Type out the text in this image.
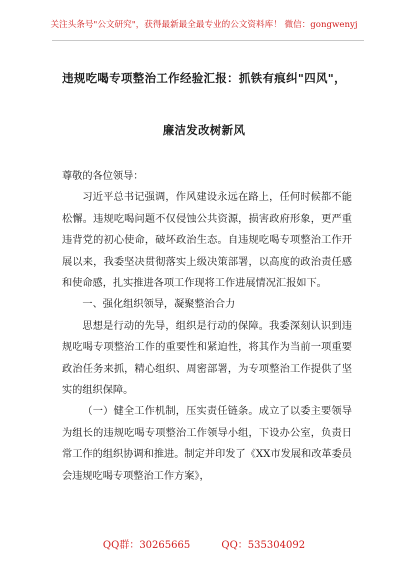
关注头条号"公文研究"，获得最新最全最专业的公文资料库！ 微信：gongwenyj
违规吃喝专项整治工作经验汇报：抓铁有痕纠"四风"，
廉洁发改树新风

尊敬的各位领导：

习近平总书记强调，作风建设永远在路上，任何时候都不能松懈。违规吃喝问题不仅侵蚀公共资源，损害政府形象，更严重违背党的初心使命，破坏政治生态。自违规吃喝专项整治工作开展以来，我委坚决贯彻落实上级决策部署，以高度的政治责任感和使命感，扎实推进各项工作现将工作进展情况汇报如下。

一、强化组织领导，凝聚整治合力

思想是行动的先导，组织是行动的保障。我委深刻认识到违规吃喝专项整治工作的重要性和紧迫性，将其作为当前一项重要政治任务来抓，精心组织、周密部署，为专项整治工作提供了坚实的组织保障。

（一）健全工作机制，压实责任链条。成立了以委主要领导为组长的违规吃喝专项整治工作领导小组，下设办公室，负责日常工作的组织协调和推进。制定并印发了《XX市发展和改革委员会违规吃喝专项整治工作方案》，

QQ群：30265665	QQ：535304092
